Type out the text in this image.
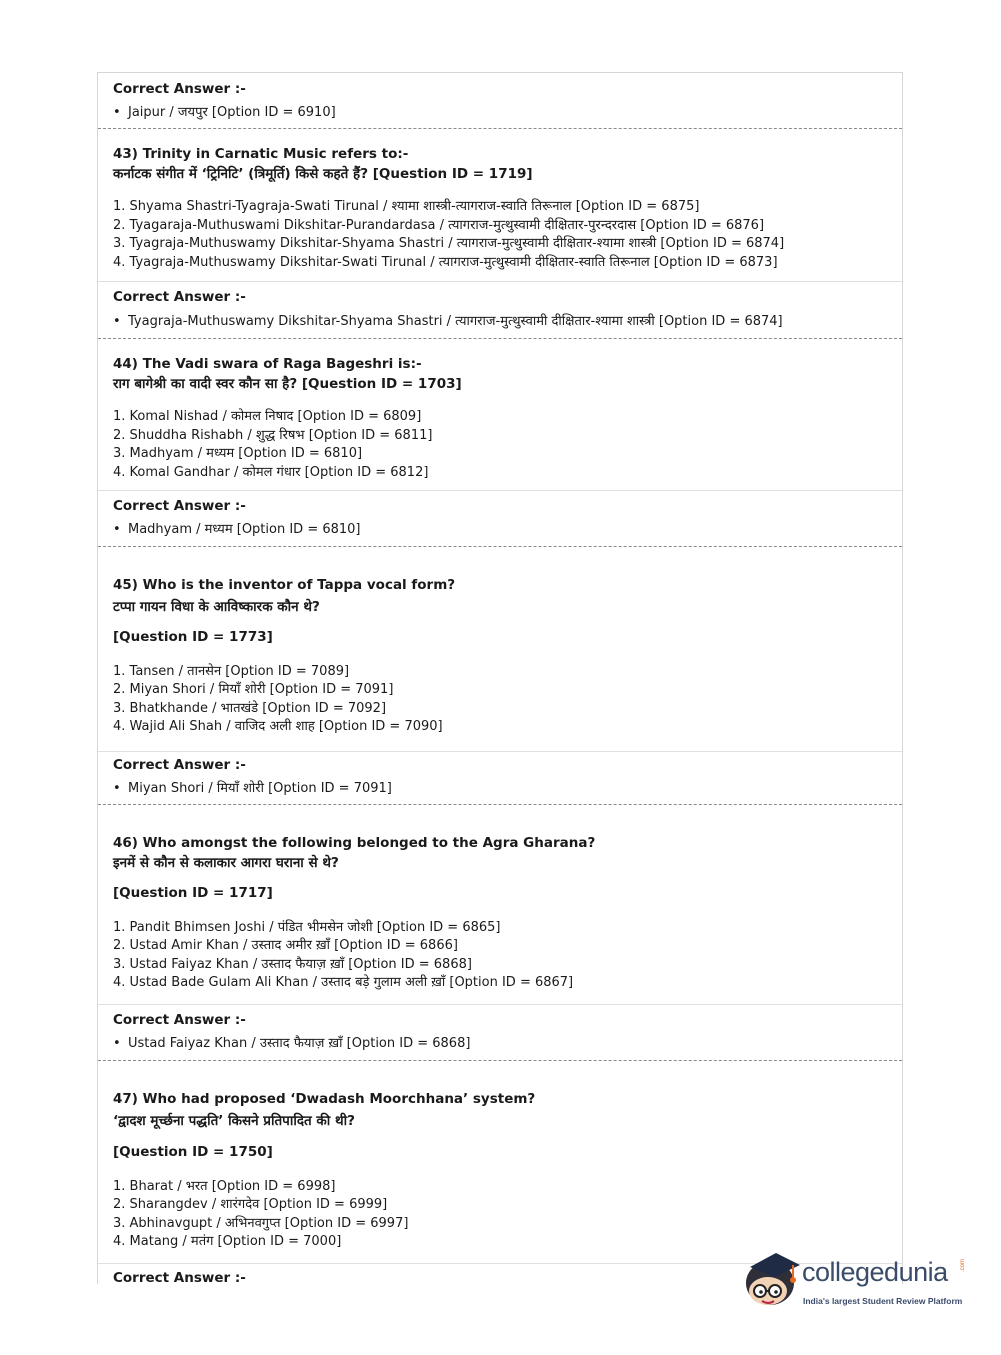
Correct Answer :-
• Jaipur / जयपुर [Option ID = 6910]
43) Trinity in Carnatic Music refers to:-
कर्नाटक संगीत में ‘ट्रिनिटि’ (त्रिमूर्ति) किसे कहते हैं? [Question ID = 1719]
1. Shyama Shastri-Tyagraja-Swati Tirunal / श्यामा शास्त्री-त्यागराज-स्वाति तिरूनाल [Option ID = 6875]
2. Tyagaraja-Muthuswami Dikshitar-Purandardasa / त्यागराज-मुत्थुस्वामी दीक्षितार-पुरन्दरदास [Option ID = 6876]
3. Tyagraja-Muthuswamy Dikshitar-Shyama Shastri / त्यागराज-मुत्थुस्वामी दीक्षितार-श्यामा शास्त्री [Option ID = 6874]
4. Tyagraja-Muthuswamy Dikshitar-Swati Tirunal / त्यागराज-मुत्थुस्वामी दीक्षितार-स्वाति तिरूनाल [Option ID = 6873]
Correct Answer :-
• Tyagraja-Muthuswamy Dikshitar-Shyama Shastri / त्यागराज-मुत्थुस्वामी दीक्षितार-श्यामा शास्त्री [Option ID = 6874]
44) The Vadi swara of Raga Bageshri is:-
राग बागेश्री का वादी स्वर कौन सा है? [Question ID = 1703]
1. Komal Nishad / कोमल निषाद [Option ID = 6809]
2. Shuddha Rishabh / शुद्ध रिषभ [Option ID = 6811]
3. Madhyam / मध्यम [Option ID = 6810]
4. Komal Gandhar / कोमल गंधार [Option ID = 6812]
Correct Answer :-
• Madhyam / मध्यम [Option ID = 6810]
45) Who is the inventor of Tappa vocal form?
टप्पा गायन विधा के आविष्कारक कौन थे?
[Question ID = 1773]
1. Tansen / तानसेन [Option ID = 7089]
2. Miyan Shori / मियाँ शोरी [Option ID = 7091]
3. Bhatkhande / भातखंडे [Option ID = 7092]
4. Wajid Ali Shah / वाजिद अली शाह [Option ID = 7090]
Correct Answer :-
• Miyan Shori / मियाँ शोरी [Option ID = 7091]
46) Who amongst the following belonged to the Agra Gharana?
इनमें से कौन से कलाकार आगरा घराना से थे?
[Question ID = 1717]
1. Pandit Bhimsen Joshi / पंडित भीमसेन जोशी [Option ID = 6865]
2. Ustad Amir Khan / उस्ताद अमीर ख़ाँ [Option ID = 6866]
3. Ustad Faiyaz Khan / उस्ताद फैयाज़ ख़ाँ [Option ID = 6868]
4. Ustad Bade Gulam Ali Khan / उस्ताद बड़े गुलाम अली ख़ाँ [Option ID = 6867]
Correct Answer :-
• Ustad Faiyaz Khan / उस्ताद फैयाज़ ख़ाँ [Option ID = 6868]
47) Who had proposed ‘Dwadash Moorchhana’ system?
‘द्वादश मूर्च्छना पद्धति’ किसने प्रतिपादित की थी?
[Question ID = 1750]
1. Bharat / भरत [Option ID = 6998]
2. Sharangdev / शारंगदेव [Option ID = 6999]
3. Abhinavgupt / अभिनवगुप्त [Option ID = 6997]
4. Matang / मतंग [Option ID = 7000]
Correct Answer :-	collegedunia
India's largest Student Review Platform
.com
